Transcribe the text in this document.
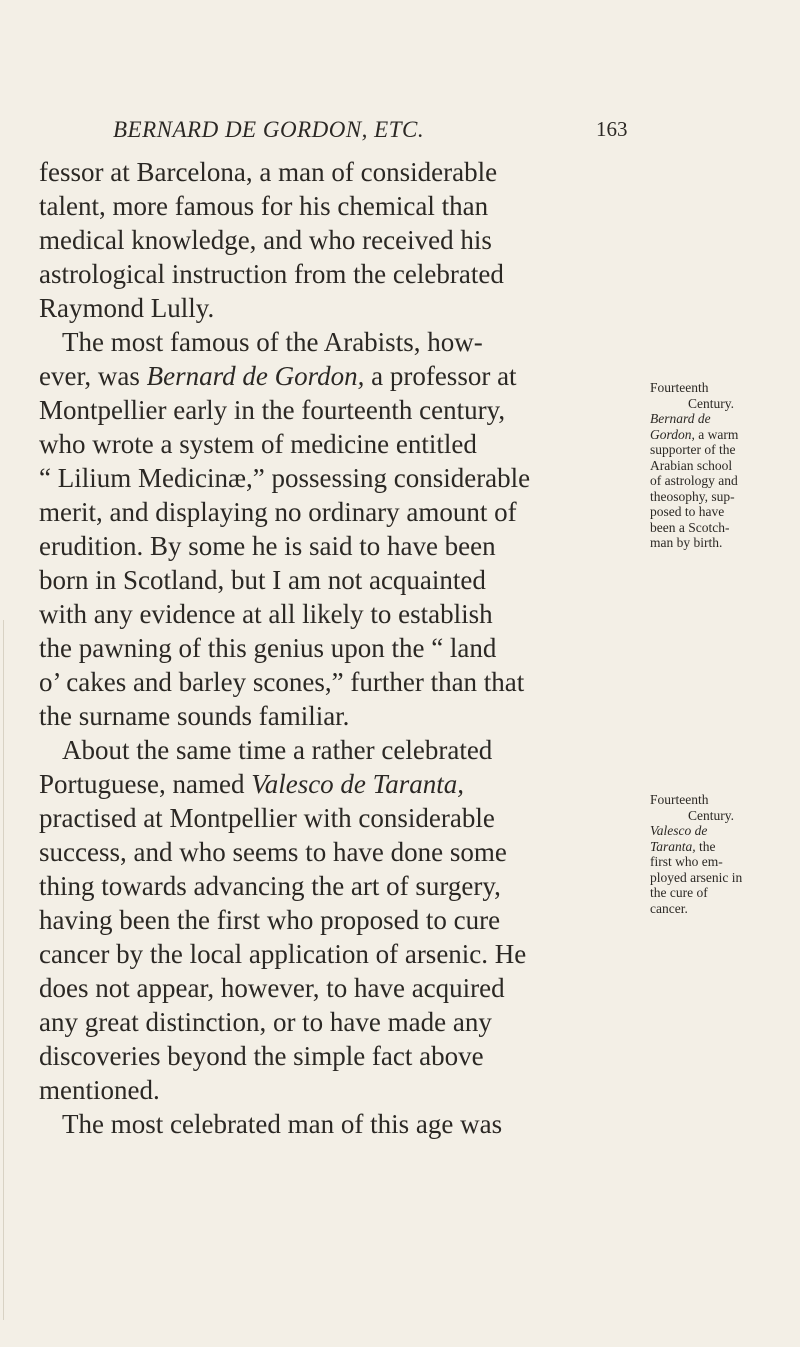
BERNARD DE GORDON, ETC.	163
fessor at Barcelona, a man of considerable
talent, more famous for his chemical than
medical knowledge, and who received his
astrological instruction from the celebrated
Raymond Lully.
The most famous of the Arabists, how-
ever, was Bernard de Gordon, a professor at
Montpellier early in the fourteenth century,
who wrote a system of medicine entitled
“ Lilium Medicinæ,” possessing considerable
merit, and displaying no ordinary amount of
erudition. By some he is said to have been
born in Scotland, but I am not acquainted
with any evidence at all likely to establish
the pawning of this genius upon the “ land
o’ cakes and barley scones,” further than that
the surname sounds familiar.
About the same time a rather celebrated
Portuguese, named Valesco de Taranta,
practised at Montpellier with considerable
success, and who seems to have done some
thing towards advancing the art of surgery,
having been the first who proposed to cure
cancer by the local application of arsenic. He
does not appear, however, to have acquired
any great distinction, or to have made any
discoveries beyond the simple fact above
mentioned.
The most celebrated man of this age was
Fourteenth
Century.
Bernard de
Gordon, a warm
supporter of the
Arabian school
of astrology and
theosophy, sup-
posed to have
been a Scotch-
man by birth.
Fourteenth
Century.
Valesco de
Taranta, the
first who em-
ployed arsenic in
the cure of
cancer.
